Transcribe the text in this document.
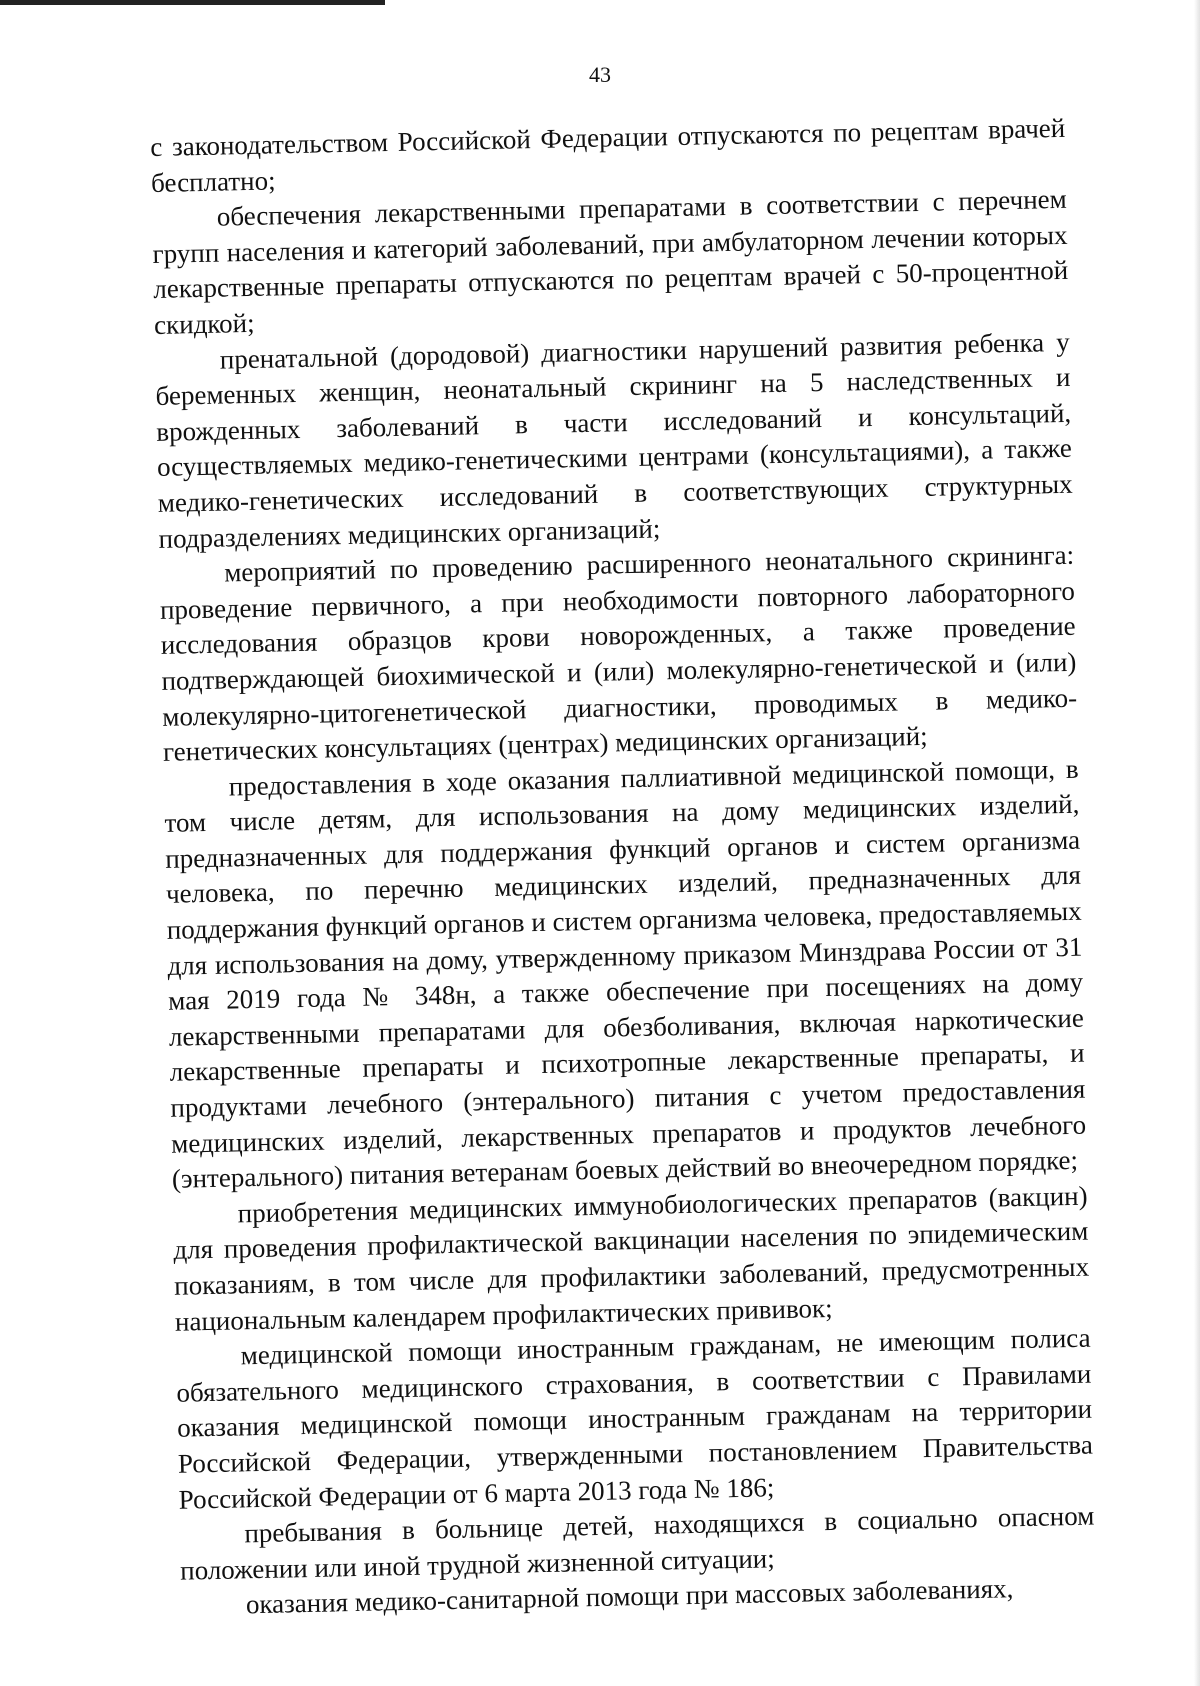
43

с законодательством Российской Федерации отпускаются по рецептам врачей бесплатно;

обеспечения лекарственными препаратами в соответствии с перечнем групп населения и категорий заболеваний, при амбулаторном лечении которых лекарственные препараты отпускаются по рецептам врачей с 50-процентной скидкой;

пренатальной (дородовой) диагностики нарушений развития ребенка у беременных женщин, неонатальный скрининг на 5 наследственных и врожденных заболеваний в части исследований и консультаций, осуществляемых медико-генетическими центрами (консультациями), а также медико-генетических исследований в соответствующих структурных подразделениях медицинских организаций;

мероприятий по проведению расширенного неонатального скрининга: проведение первичного, а при необходимости повторного лабораторного исследования образцов крови новорожденных, а также проведение подтверждающей биохимической и (или) молекулярно-генетической и (или) молекулярно-цитогенетической диагностики, проводимых в медико-генетических консультациях (центрах) медицинских организаций;

предоставления в ходе оказания паллиативной медицинской помощи, в том числе детям, для использования на дому медицинских изделий, предназначенных для поддержания функций органов и систем организма человека, по перечню медицинских изделий, предназначенных для поддержания функций органов и систем организма человека, предоставляемых для использования на дому, утвержденному приказом Минздрава России от 31 мая 2019 года № 348н, а также обеспечение при посещениях на дому лекарственными препаратами для обезболивания, включая наркотические лекарственные препараты и психотропные лекарственные препараты, и продуктами лечебного (энтерального) питания с учетом предоставления медицинских изделий, лекарственных препаратов и продуктов лечебного (энтерального) питания ветеранам боевых действий во внеочередном порядке;

приобретения медицинских иммунобиологических препаратов (вакцин) для проведения профилактической вакцинации населения по эпидемическим показаниям, в том числе для профилактики заболеваний, предусмотренных национальным календарем профилактических прививок;

медицинской помощи иностранным гражданам, не имеющим полиса обязательного медицинского страхования, в соответствии с Правилами оказания медицинской помощи иностранным гражданам на территории Российской Федерации, утвержденными постановлением Правительства Российской Федерации от 6 марта 2013 года № 186;

пребывания в больнице детей, находящихся в социально опасном положении или иной трудной жизненной ситуации;

оказания медико-санитарной помощи при массовых заболеваниях,
